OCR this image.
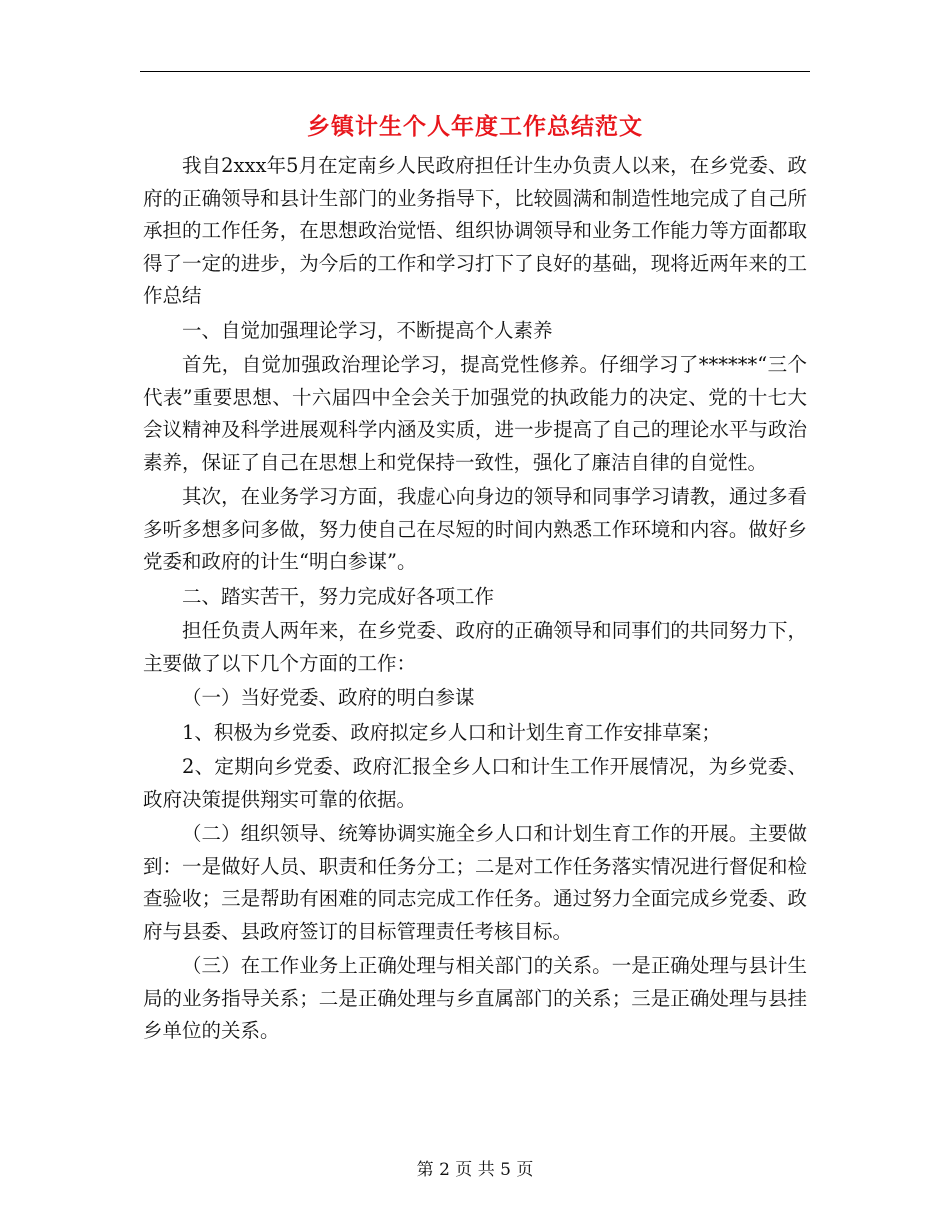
乡镇计生个人年度工作总结范文

我自2xxx年5月在定南乡人民政府担任计生办负责人以来，在乡党委、政府的正确领导和县计生部门的业务指导下，比较圆满和制造性地完成了自己所承担的工作任务，在思想政治觉悟、组织协调领导和业务工作能力等方面都取得了一定的进步，为今后的工作和学习打下了良好的基础，现将近两年来的工作总结

一、自觉加强理论学习，不断提高个人素养

首先，自觉加强政治理论学习，提高党性修养。仔细学习了******“三个代表”重要思想、十六届四中全会关于加强党的执政能力的决定、党的十七大会议精神及科学进展观科学内涵及实质，进一步提高了自己的理论水平与政治素养，保证了自己在思想上和党保持一致性，强化了廉洁自律的自觉性。

其次，在业务学习方面，我虚心向身边的领导和同事学习请教，通过多看多听多想多问多做，努力使自己在尽短的时间内熟悉工作环境和内容。做好乡党委和政府的计生“明白参谋”。

二、踏实苦干，努力完成好各项工作

担任负责人两年来，在乡党委、政府的正确领导和同事们的共同努力下，主要做了以下几个方面的工作：

（一）当好党委、政府的明白参谋

1、积极为乡党委、政府拟定乡人口和计划生育工作安排草案；

2、定期向乡党委、政府汇报全乡人口和计生工作开展情况，为乡党委、政府决策提供翔实可靠的依据。

（二）组织领导、统筹协调实施全乡人口和计划生育工作的开展。主要做到：一是做好人员、职责和任务分工；二是对工作任务落实情况进行督促和检查验收；三是帮助有困难的同志完成工作任务。通过努力全面完成乡党委、政府与县委、县政府签订的目标管理责任考核目标。

（三）在工作业务上正确处理与相关部门的关系。一是正确处理与县计生局的业务指导关系；二是正确处理与乡直属部门的关系；三是正确处理与县挂乡单位的关系。

第 2 页 共 5 页
